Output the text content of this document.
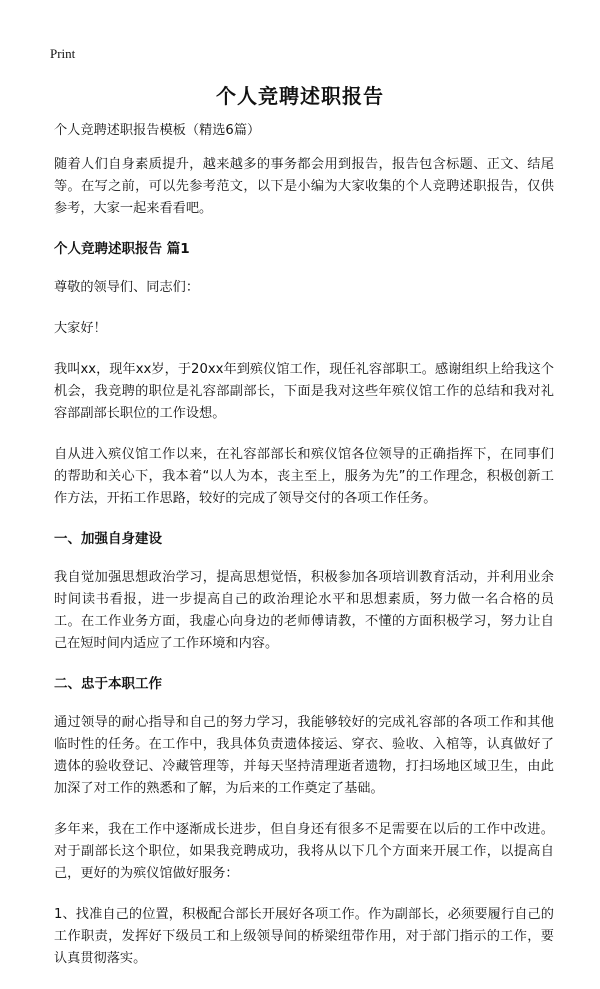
Print
个人竞聘述职报告

个人竞聘述职报告模板（精选6篇）

随着人们自身素质提升，越来越多的事务都会用到报告，报告包含标题、正文、结尾等。在写之前，可以先参考范文，以下是小编为大家收集的个人竞聘述职报告，仅供参考，大家一起来看看吧。

个人竞聘述职报告 篇1

尊敬的领导们、同志们：

大家好！

我叫xx，现年xx岁，于20xx年到殡仪馆工作，现任礼容部职工。感谢组织上给我这个机会，我竞聘的职位是礼容部副部长，下面是我对这些年殡仪馆工作的总结和我对礼容部副部长职位的工作设想。

自从进入殡仪馆工作以来，在礼容部部长和殡仪馆各位领导的正确指挥下，在同事们的帮助和关心下，我本着“以人为本，丧主至上，服务为先”的工作理念，积极创新工作方法，开拓工作思路，较好的完成了领导交付的各项工作任务。

一、加强自身建设

我自觉加强思想政治学习，提高思想觉悟，积极参加各项培训教育活动，并利用业余时间读书看报，进一步提高自己的政治理论水平和思想素质，努力做一名合格的员工。在工作业务方面，我虚心向身边的老师傅请教，不懂的方面积极学习，努力让自己在短时间内适应了工作环境和内容。

二、忠于本职工作

通过领导的耐心指导和自己的努力学习，我能够较好的完成礼容部的各项工作和其他临时性的任务。在工作中，我具体负责遗体接运、穿衣、验收、入棺等，认真做好了遗体的验收登记、冷藏管理等，并每天坚持清理逝者遗物，打扫场地区域卫生，由此加深了对工作的熟悉和了解，为后来的工作奠定了基础。

多年来，我在工作中逐渐成长进步，但自身还有很多不足需要在以后的工作中改进。对于副部长这个职位，如果我竞聘成功，我将从以下几个方面来开展工作，以提高自己，更好的为殡仪馆做好服务：

1、找准自己的位置，积极配合部长开展好各项工作。作为副部长，必须要履行自己的工作职责，发挥好下级员工和上级领导间的桥梁纽带作用，对于部门指示的工作，要认真贯彻落实。
